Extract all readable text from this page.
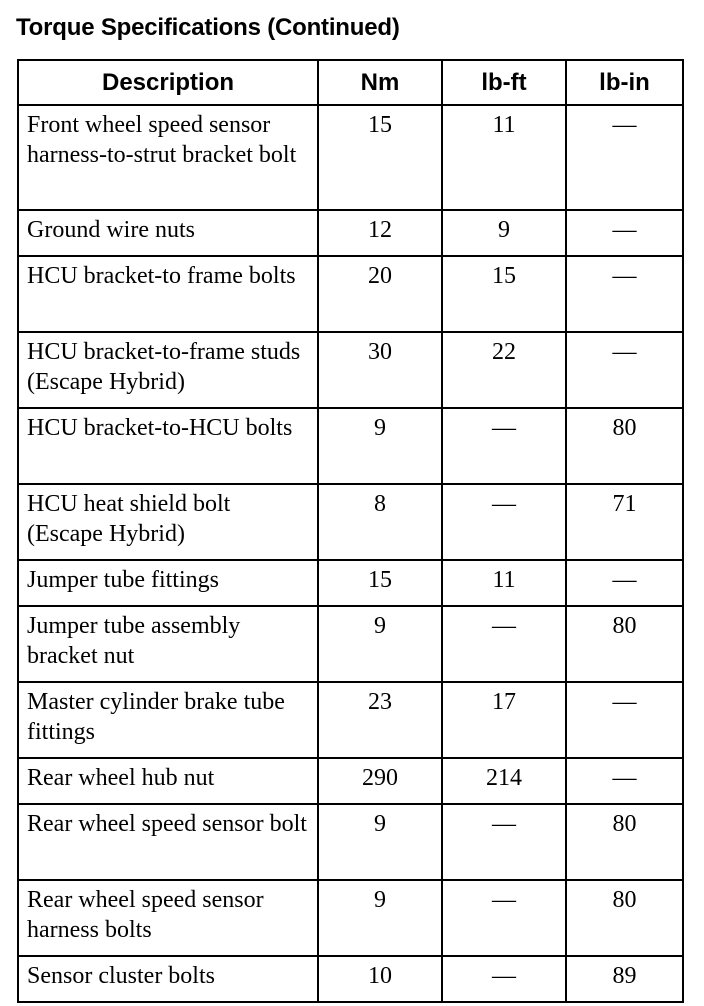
Torque Specifications (Continued)
Description	Nm	lb-ft	lb-in
Front wheel speed sensor harness-to-strut bracket bolt	15	11	—
Ground wire nuts	12	9	—
HCU bracket-to frame bolts	20	15	—
HCU bracket-to-frame studs (Escape Hybrid)	30	22	—
HCU bracket-to-HCU bolts	9	—	80
HCU heat shield bolt (Escape Hybrid)	8	—	71
Jumper tube fittings	15	11	—
Jumper tube assembly bracket nut	9	—	80
Master cylinder brake tube fittings	23	17	—
Rear wheel hub nut	290	214	—
Rear wheel speed sensor bolt	9	—	80
Rear wheel speed sensor harness bolts	9	—	80
Sensor cluster bolts	10	—	89
